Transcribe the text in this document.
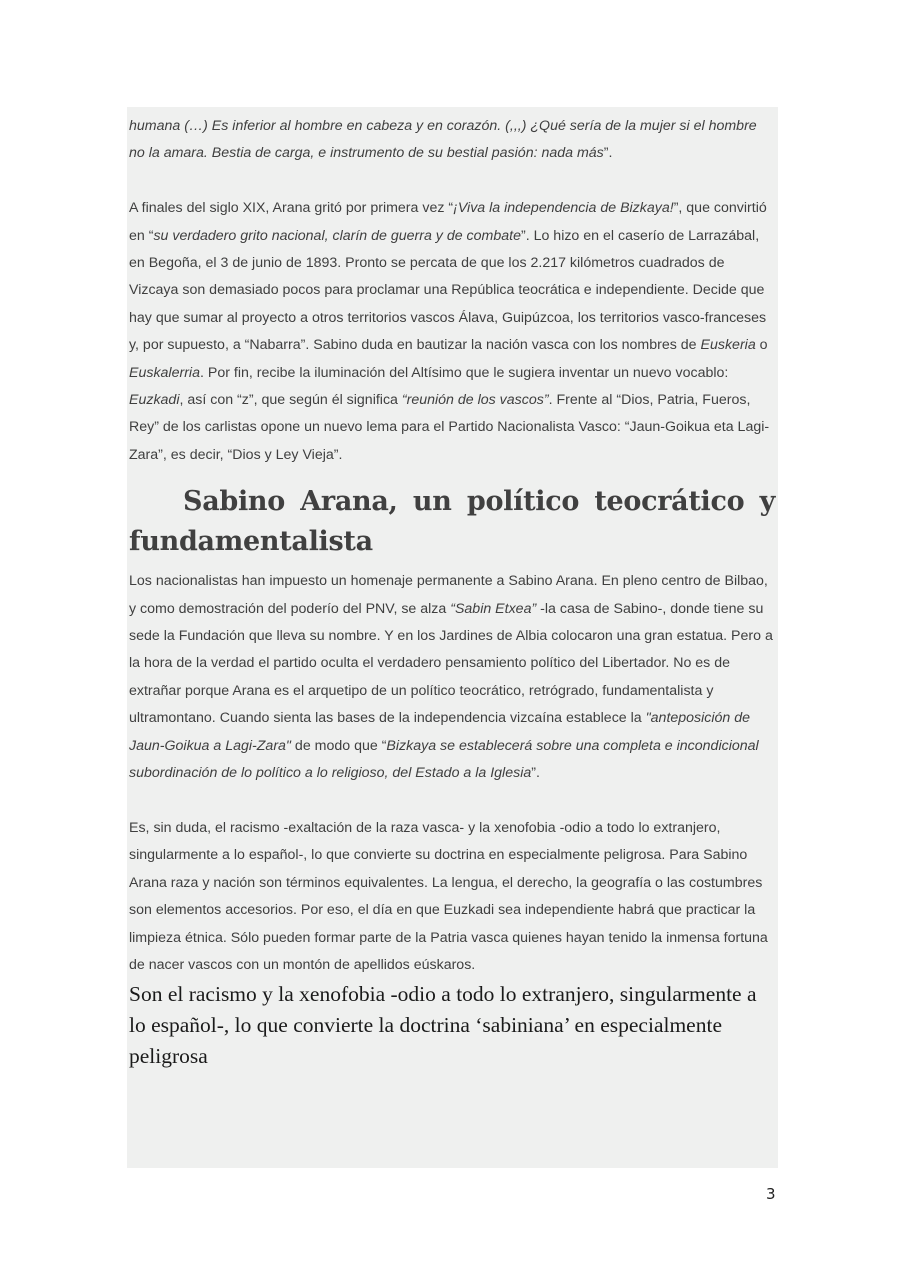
humana (…) Es inferior al hombre en cabeza y en corazón. (,,,) ¿Qué sería de la mujer si el hombre no la amara. Bestia de carga, e instrumento de su bestial pasión: nada más”.

A finales del siglo XIX, Arana gritó por primera vez “¡Viva la independencia de Bizkaya!”, que convirtió en “su verdadero grito nacional, clarín de guerra y de combate”. Lo hizo en el caserío de Larrazábal, en Begoña, el 3 de junio de 1893. Pronto se percata de que los 2.217 kilómetros cuadrados de Vizcaya son demasiado pocos para proclamar una República teocrática e independiente. Decide que hay que sumar al proyecto a otros territorios vascos Álava, Guipúzcoa, los territorios vasco-franceses y, por supuesto, a “Nabarra”. Sabino duda en bautizar la nación vasca con los nombres de Euskeria o Euskalerria. Por fin, recibe la iluminación del Altísimo que le sugiera inventar un nuevo vocablo: Euzkadi, así con “z”, que según él significa “reunión de los vascos”. Frente al “Dios, Patria, Fueros, Rey” de los carlistas opone un nuevo lema para el Partido Nacionalista Vasco: “Jaun-Goikua eta Lagi-Zara”, es decir, “Dios y Ley Vieja”.

Sabino Arana, un político teocrático y fundamentalista

Los nacionalistas han impuesto un homenaje permanente a Sabino Arana. En pleno centro de Bilbao, y como demostración del poderío del PNV, se alza “Sabin Etxea” -la casa de Sabino-, donde tiene su sede la Fundación que lleva su nombre. Y en los Jardines de Albia colocaron una gran estatua. Pero a la hora de la verdad el partido oculta el verdadero pensamiento político del Libertador. No es de extrañar porque Arana es el arquetipo de un político teocrático, retrógrado, fundamentalista y ultramontano. Cuando sienta las bases de la independencia vizcaína establece la "anteposición de Jaun-Goikua a Lagi-Zara" de modo que “Bizkaya se establecerá sobre una completa e incondicional subordinación de lo político a lo religioso, del Estado a la Iglesia”.

Es, sin duda, el racismo -exaltación de la raza vasca- y la xenofobia -odio a todo lo extranjero, singularmente a lo español-, lo que convierte su doctrina en especialmente peligrosa. Para Sabino Arana raza y nación son términos equivalentes. La lengua, el derecho, la geografía o las costumbres son elementos accesorios. Por eso, el día en que Euzkadi sea independiente habrá que practicar la limpieza étnica. Sólo pueden formar parte de la Patria vasca quienes hayan tenido la inmensa fortuna de nacer vascos con un montón de apellidos eúskaros.

Son el racismo y la xenofobia -odio a todo lo extranjero, singularmente a lo español-, lo que convierte la doctrina ‘sabiniana’ en especialmente peligrosa

3
